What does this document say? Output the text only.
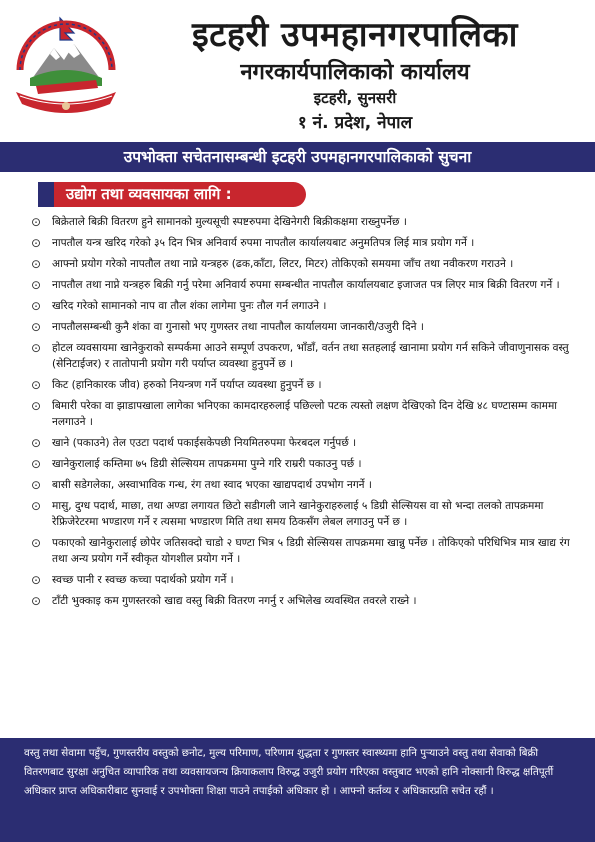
इटहरी उपमहानगरपालिका
नगरकार्यपालिकाको कार्यालय
इटहरी, सुनसरी
१ नं. प्रदेश, नेपाल
उपभोक्ता सचेतनासम्बन्धी इटहरी उपमहानगरपालिकाको सुचना
उद्योग तथा व्यवसायका लागि :
⊙ बिक्रेताले बिक्री वितरण हुने सामानको मुल्यसूची स्पष्टरुपमा देखिनेगरी बिक्रीकक्षमा राख्नुपर्नेछ ।
⊙ नापतौल यन्त्र खरिद गरेको ३५ दिन भित्र अनिवार्य रुपमा नापतौल कार्यालयबाट अनुमतिपत्र लिई मात्र प्रयोग गर्ने ।
⊙ आफ्नो प्रयोग गरेको नापतौल तथा नाप्ने यन्त्रहरु (ढक,काँटा, लिटर, मिटर) तोकिएको समयमा जाँच तथा नवीकरण गराउने ।
⊙ नापतौल तथा नाप्ने यन्त्रहरु बिक्री गर्नु परेमा अनिवार्य रुपमा सम्बन्धीत नापतौल कार्यालयबाट इजाजत पत्र लिएर मात्र बिक्री वितरण गर्ने ।
⊙ खरिद गरेको सामानको नाप वा तौल शंका लागेमा पुनः तौल गर्न लगाउने ।
⊙ नापतौलसम्बन्धी कुनै शंका वा गुनासो भए गुणस्तर तथा नापतौल कार्यालयमा जानकारी/उजुरी दिने ।
⊙ होटल व्यवसायमा खानेकुराको सम्पर्कमा आउने सम्पूर्ण उपकरण, भाँडाँ, वर्तन तथा सतहलाई खानामा प्रयोग गर्न सकिने जीवाणुनासक वस्तु (सेनिटाईजर) र तातोपानी प्रयोग गरी पर्याप्त व्यवस्था हुनुपर्ने छ ।
⊙ किट (हानिकारक जीव) हरुको नियन्त्रण गर्ने पर्याप्त व्यवस्था हुनुपर्ने छ ।
⊙ बिमारी परेका वा झाडापखाला लागेका भनिएका कामदारहरुलाई पछिल्लो पटक त्यस्तो लक्षण देखिएको दिन देखि ४८ घण्टासम्म काममा नलगाउने ।
⊙ खाने (पकाउने) तेल एउटा पदार्थ पकाईसकेपछी नियमितरुपमा फेरबदल गर्नुपर्छ ।
⊙ खानेकुरालाई कम्तिमा ७५ डिग्री सेल्सियम तापक्रममा पुग्ने गरि राम्ररी पकाउनु पर्छ ।
⊙ बासी सडेगलेका, अस्वाभाविक गन्ध, रंग तथा स्वाद भएका खाद्यपदार्थ उपभोग नगर्ने ।
⊙ मासु, दुग्ध पदार्थ, माछा, तथा अण्डा लगायत छिटो सडीगली जाने खानेकुराहरुलाई ५ डिग्री सेल्सियस वा सो भन्दा तलको तापक्रममा रेफ्रिजेरेटरमा भण्डारण गर्ने र त्यसमा भण्डारण मिति तथा समय ठिकसँग लेबल लगाउनु पर्ने छ ।
⊙ पकाएको खानेकुरालाई छोपेर जतिसक्दो चाडो २ घण्टा भित्र ५ डिग्री सेल्सियस तापक्रममा खान्नु पर्नेछ । तोकिएको परिधिभित्र मात्र खाद्य रंग तथा अन्य प्रयोग गर्ने स्वीकृत योगशील प्रयोग गर्ने ।
⊙ स्वच्छ पानी र स्वच्छ कच्चा पदार्थको प्रयोग गर्ने ।
⊙ टाँटी भुक्काइ कम गुणस्तरको खाद्य वस्तु बिक्री वितरण नगर्नु र अभिलेख व्यवस्थित तवरले राख्ने ।
वस्तु तथा सेवामा पहुँच, गुणस्तरीय वस्तुको छनोट, मुल्य परिमाण, परिणाम शुद्धता र गुणस्तर स्वास्थ्यमा हानि पुऱ्याउने वस्तु तथा सेवाको बिक्री वितरणबाट सुरक्षा अनुचित व्यापारिक तथा व्यवसायजन्य क्रियाकलाप विरुद्ध उजुरी प्रयोग गरिएका वस्तुबाट भएको हानि नोक्सानी विरुद्ध क्षतिपूर्ती अधिकार प्राप्त अधिकारीबाट सुनवाई र उपभोक्ता शिक्षा पाउने तपाईको अधिकार हो । आफ्नो कर्तव्य र अधिकारप्रति सचेत रहौं ।
